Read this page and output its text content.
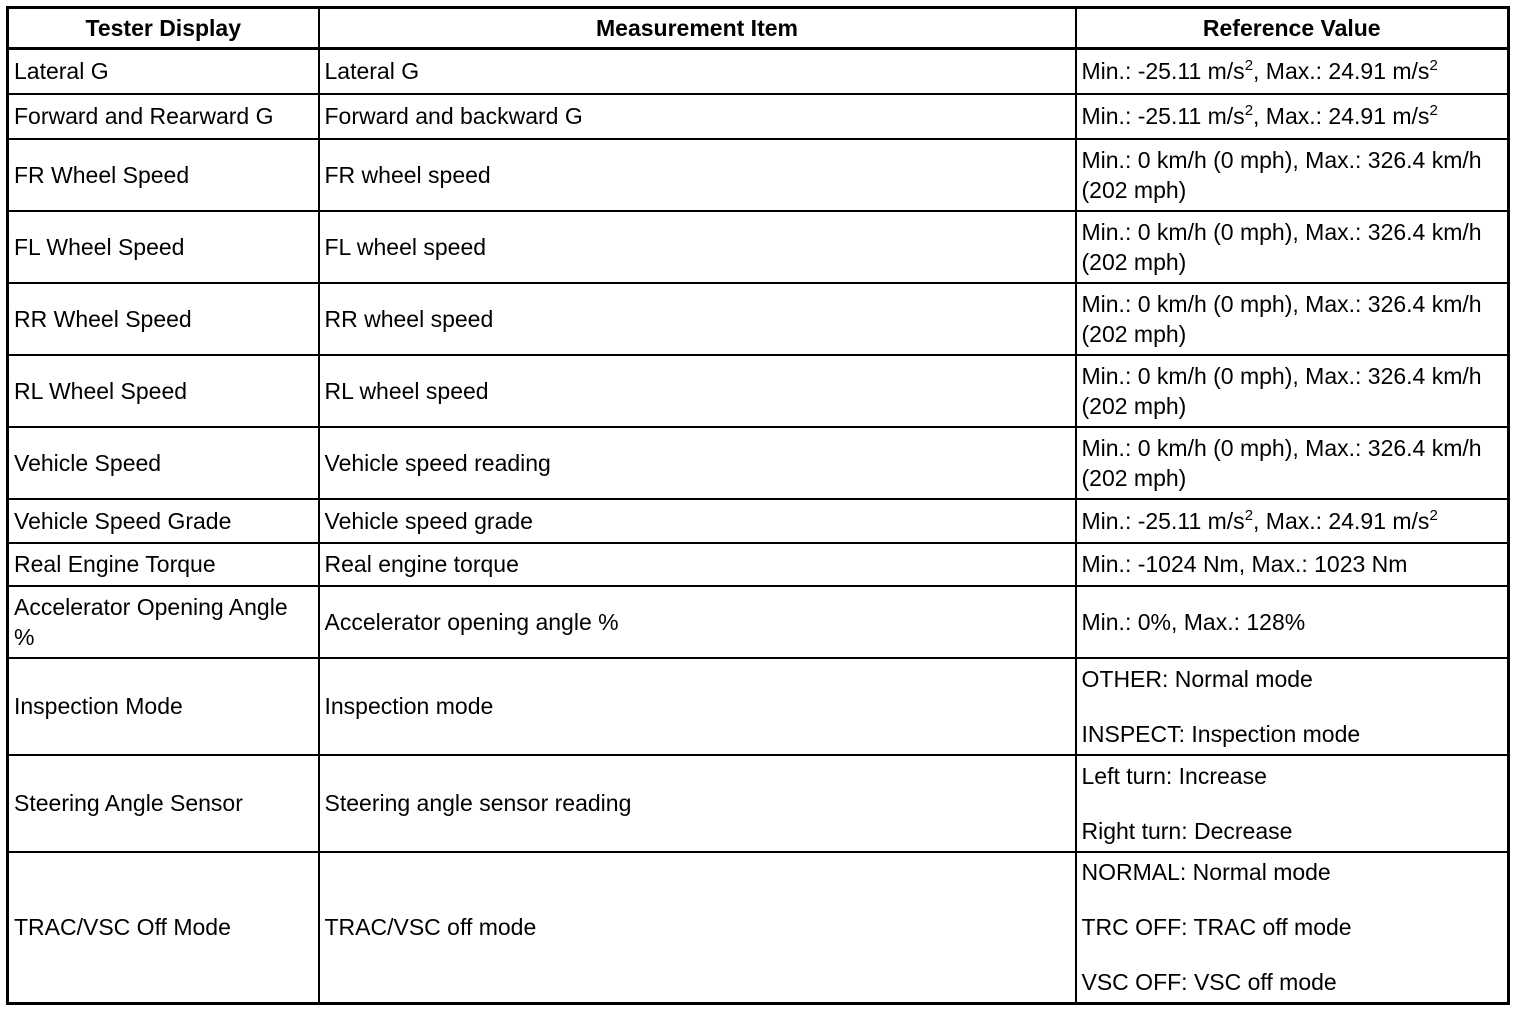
Tester Display	Measurement Item	Reference Value
Lateral G	Lateral G	Min.: -25.11 $m/s^2$, Max.: 24.91 $m/s^2$

Forward and Rearward G	Forward and backward G	Min.: -25.11 $m/s^2$, Max.: 24.91 $m/s^2$

FR Wheel Speed	FR wheel speed	Min.: 0 km/h (0 mph), Max.: 326.4 km/h (202 mph)

FL Wheel Speed	FL wheel speed	Min.: 0 km/h (0 mph), Max.: 326.4 km/h (202 mph)

RR Wheel Speed	RR wheel speed	Min.: 0 km/h (0 mph), Max.: 326.4 km/h (202 mph)

RL Wheel Speed	RL wheel speed	Min.: 0 km/h (0 mph), Max.: 326.4 km/h (202 mph)

Vehicle Speed	Vehicle speed reading	Min.: 0 km/h (0 mph), Max.: 326.4 km/h (202 mph)

Vehicle Speed Grade	Vehicle speed grade	Min.: -25.11 $m/s^2$, Max.: 24.91 $m/s^2$

Real Engine Torque	Real engine torque	Min.: -1024 Nm, Max.: 1023 Nm

Accelerator Opening Angle %	Accelerator opening angle %	Min.: 0%, Max.: 128%

Inspection Mode	Inspection mode	OTHER: Normal mode
INSPECT: Inspection mode

Steering Angle Sensor	Steering angle sensor reading	Left turn: Increase
Right turn: Decrease

TRAC/VSC Off Mode	TRAC/VSC off mode	NORMAL: Normal mode
TRC OFF: TRAC off mode
VSC OFF: VSC off mode
